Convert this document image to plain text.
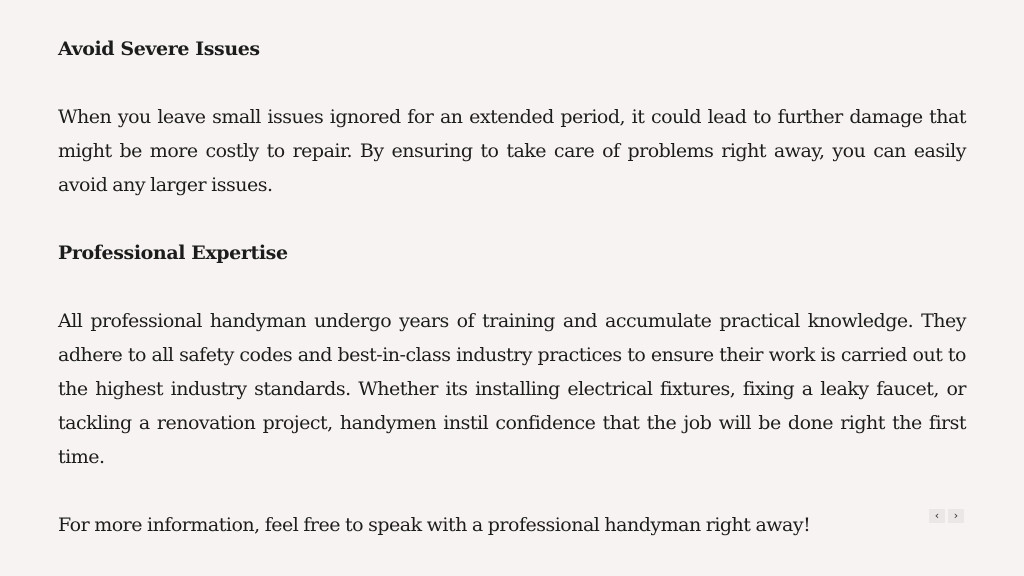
Avoid Severe Issues

When you leave small issues ignored for an extended period, it could lead to further damage that might be more costly to repair. By ensuring to take care of problems right away, you can easily avoid any larger issues.

Professional Expertise

All professional handyman undergo years of training and accumulate practical knowledge. They adhere to all safety codes and best-in-class industry practices to ensure their work is carried out to the highest industry standards. Whether its installing electrical fixtures, fixing a leaky faucet, or tackling a renovation project, handymen instil confidence that the job will be done right the first time.

For more information, feel free to speak with a professional handyman right away!	‹	›
